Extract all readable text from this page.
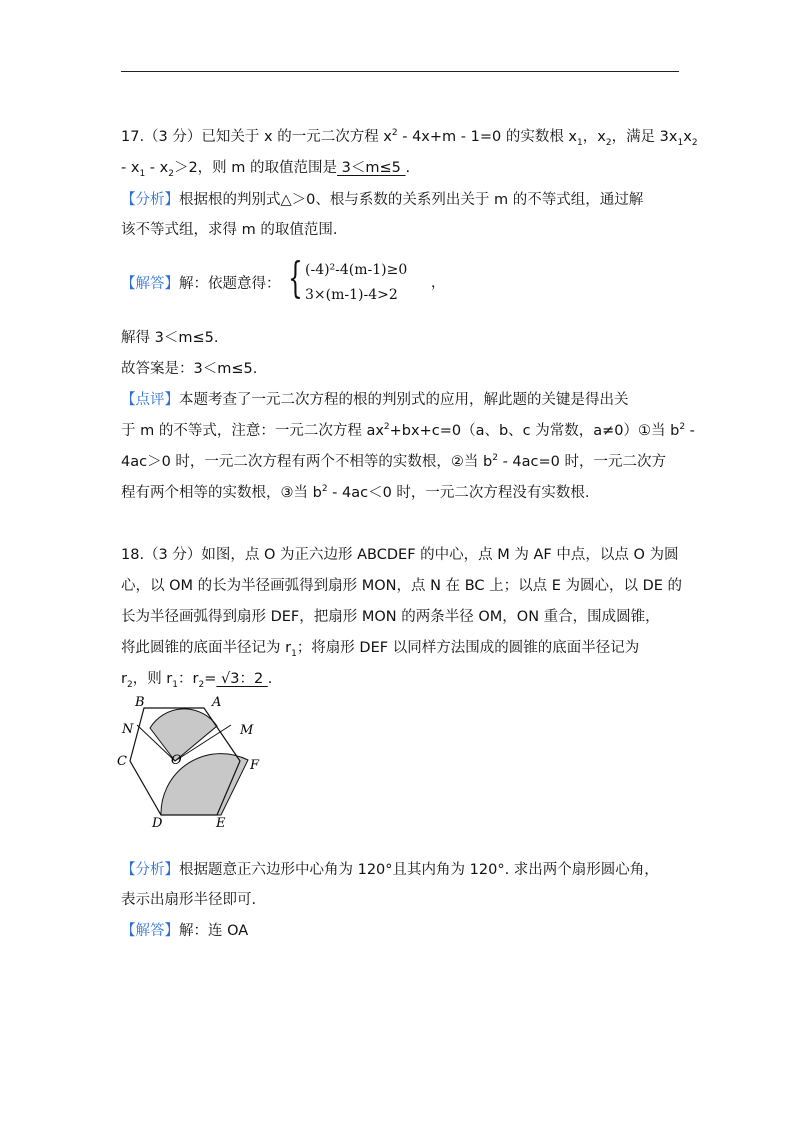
17.（3 分）已知关于 x 的一元二次方程 $x^2 - 4x+m - 1=0$ 的实数根 $x_1$，$x_2$，满足 $3x_1x_2$
- $x_1 - x_2>2$，则 m 的取值范围是 3＜m≤5 .
【分析】根据根的判别式△＞0、根与系数的关系列出关于 m 的不等式组，通过解
该不等式组，求得 m 的取值范围.
【解答】解：依题意得： { (-4)²-4(m-1)≥0
3×(m-1)-4>2
，
解得 3＜m≤5.
故答案是：3＜m≤5.
【点评】本题考查了一元二次方程的根的判别式的应用，解此题的关键是得出关
于 m 的不等式，注意：一元二次方程 $ax^2+bx+c=0(a$、b、c 为常数，a≠0）①当 $b^2$ -
4ac＞0 时，一元二次方程有两个不相等的实数根，②当 $b^2 - 4ac=0$ 时，一元二次方
程有两个相等的实数根，③当 $b^2 - 4ac<0$ 时，一元二次方程没有实数根.
18.（3 分）如图，点 O 为正六边形 ABCDEF 的中心，点 M 为 AF 中点，以点 O 为圆
心，以 OM 的长为半径画弧得到扇形 MON，点 N 在 BC 上；以点 E 为圆心，以 DE 的
长为半径画弧得到扇形 DEF，把扇形 MON 的两条半径 OM，ON 重合，围成圆锥，
将此圆锥的底面半径记为 $r_1$；将扇形 DEF 以同样方法围成的圆锥的底面半径记为
$r_2$，则 $r_1$：$r_2= √3$：2 .
B	A
N	M
C	O	F
D	E
【分析】根据题意正六边形中心角为 120°且其内角为 120°. 求出两个扇形圆心角，
表示出扇形半径即可.
【解答】解：连 OA
